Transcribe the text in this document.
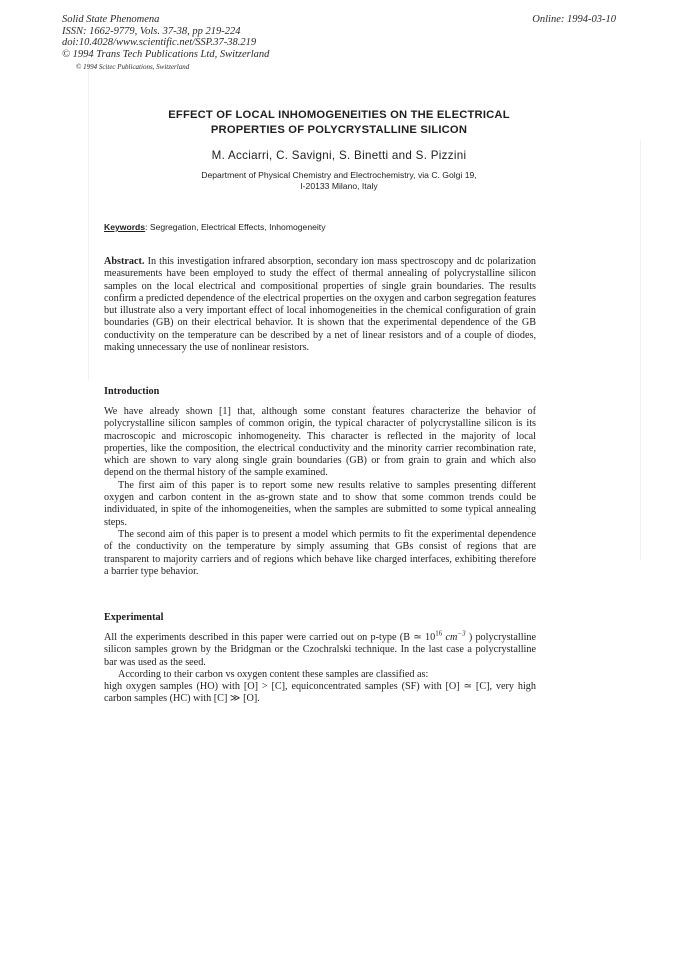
Solid State Phenomena
ISSN: 1662-9779, Vols. 37-38, pp 219-224
doi:10.4028/www.scientific.net/SSP.37-38.219
© 1994 Trans Tech Publications Ltd, Switzerland
© 1994 Scitec Publications, Switzerland
Online: 1994-03-10
EFFECT OF LOCAL INHOMOGENEITIES ON THE ELECTRICAL
PROPERTIES OF POLYCRYSTALLINE SILICON
M. Acciarri, C. Savigni, S. Binetti and S. Pizzini
Department of Physical Chemistry and Electrochemistry, via C. Golgi 19,
I-20133 Milano, Italy
Keywords: Segregation, Electrical Effects, Inhomogeneity

Abstract. In this investigation infrared absorption, secondary ion mass spectroscopy and dc polarization measurements have been employed to study the effect of thermal annealing of polycrystalline silicon samples on the local electrical and compositional properties of single grain boundaries. The results confirm a predicted dependence of the electrical properties on the oxygen and carbon segregation features but illustrate also a very important effect of local inhomogeneities in the chemical configuration of grain boundaries (GB) on their electrical behavior. It is shown that the experimental dependence of the GB conductivity on the temperature can be described by a net of linear resistors and of a couple of diodes, making unnecessary the use of nonlinear resistors.

Introduction

We have already shown [1] that, although some constant features characterize the behavior of polycrystalline silicon samples of common origin, the typical character of polycrystalline silicon is its macroscopic and microscopic inhomogeneity. This character is reflected in the majority of local properties, like the composition, the electrical conductivity and the minority carrier recombination rate, which are shown to vary along single grain boundaries (GB) or from grain to grain and which also depend on the thermal history of the sample examined.

The first aim of this paper is to report some new results relative to samples presenting different oxygen and carbon content in the as-grown state and to show that some common trends could be individuated, in spite of the inhomogeneities, when the samples are submitted to some typical annealing steps.

The second aim of this paper is to present a model which permits to fit the experimental dependence of the conductivity on the temperature by simply assuming that GBs consist of regions that are transparent to majority carriers and of regions which behave like charged interfaces, exhibiting therefore a barrier type behavior.

Experimental

All the experiments described in this paper were carried out on p-type (B ≃ $10^{16}$ $cm^{-3}$ ) polycrystalline silicon samples grown by the Bridgman or the Czochralski technique. In the last case a polycrystalline bar was used as the seed.

According to their carbon vs oxygen content these samples are classified as:

high oxygen samples (HO) with [O] > [C], equiconcentrated samples (SF) with [O] ≃ [C], very high carbon samples (HC) with [C] ≫ [O].
